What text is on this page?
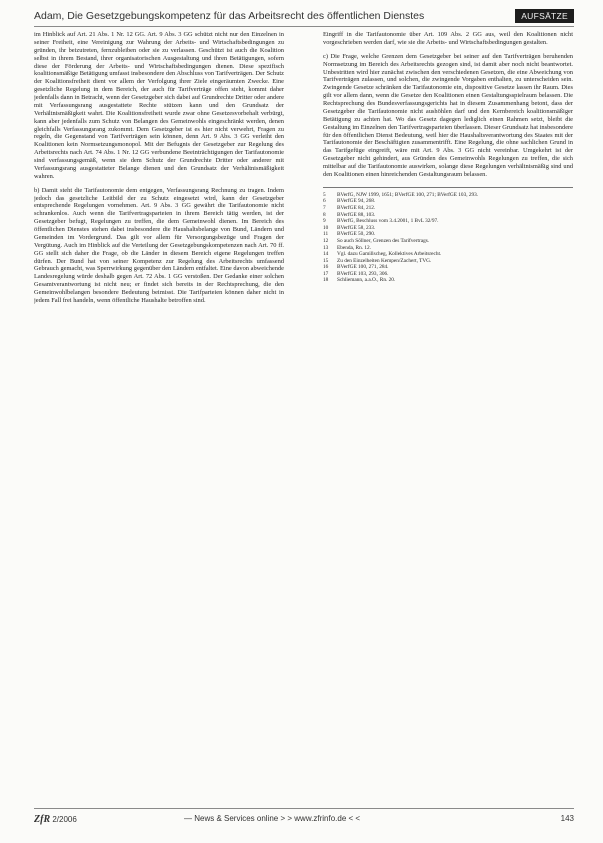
Adam, Die Gesetzgebungskompetenz für das Arbeitsrecht des öffentlichen Dienstes	AUFSÄTZE

im Hinblick auf Art. 21 Abs. 1 Nr. 12 GG. Art. 9 Abs. 3 GG schützt nicht nur den Einzelnen in seiner Freiheit, eine Vereinigung zur Wahrung der Arbeits- und Wirtschaftsbedingungen zu gründen, ihr beizutreten, fernzubleiben oder sie zu verlassen. Geschützt ist auch die Koalition selbst in ihrem Bestand, ihrer organisatorischen Ausgestaltung und ihren Betätigungen, sofern diese der Förderung der Arbeits- und Wirtschaftsbedingungen dienen. Diese spezifisch koalitionsmäßige Betätigung umfasst insbesondere den Abschluss von Tarifverträgen. Der Schutz der Koalitionsfreiheit dient vor allem der Verfolgung ihrer Ziele eingeräumten Zwecke. Eine gesetzliche Regelung in dem Bereich, der auch für Tarifverträge offen steht, kommt daher jedenfalls dann in Betracht, wenn der Gesetzgeber sich dabei auf Grundrechte Dritter oder andere mit Verfassungsrang ausgestattete Rechte stützen kann und den Grundsatz der Verhältnismäßigkeit wahrt. Die Koalitionsfreiheit wurde zwar ohne Gesetzesvorbehalt verbürgt, kann aber jedenfalls zum Schutz von Belangen des Gemeinwohls eingeschränkt werden, denen gleichfalls Verfassungsrang zukommt. Dem Gesetzgeber ist es hier nicht verwehrt, Fragen zu regeln, die Gegenstand von Tarifverträgen sein können, denn Art. 9 Abs. 3 GG verleiht den Koalitionen kein Normsetzungsmonopol. Mit der Befugnis der Gesetzgeber zur Regelung des Arbeitsrechts nach Art. 74 Abs. 1 Nr. 12 GG verbundene Beeinträchtigungen der Tarifautonomie sind verfassungsgemäß, wenn sie dem Schutz der Grundrechte Dritter oder anderer mit Verfassungsrang ausgestatteter Belange dienen und den Grundsatz der Verhältnismäßigkeit wahren.

b) Damit steht die Tarifautonomie dem entgegen, Verfassungsrang Rechnung zu tragen. Indem jedoch das gesetzliche Leitbild der zu Schutz eingesetzt wird, kann der Gesetzgeber entsprechende Regelungen vornehmen. Art. 9 Abs. 3 GG gewährt die Tarifautonomie nicht schrankenlos. Auch wenn die Tarifvertragsparteien in ihrem Bereich tätig werden, ist der Gesetzgeber befugt, Regelungen zu treffen, die dem Gemeinwohl dienen. Im Bereich des öffentlichen Dienstes stehen dabei insbesondere die Haushaltsbelange von Bund, Ländern und Gemeinden im Vordergrund. Das gilt vor allem für Versorgungsbezüge und Fragen der Vergütung. Auch im Hinblick auf die Verteilung der Gesetzgebungskompetenzen nach Art. 70 ff. GG stellt sich daher die Frage, ob die Länder in diesem Bereich eigene Regelungen treffen dürfen. Der Bund hat von seiner Kompetenz zur Regelung des Arbeitsrechts umfassend Gebrauch gemacht, was Sperrwirkung gegenüber den Ländern entfaltet. Eine davon abweichende Landesregelung würde deshalb gegen Art. 72 Abs. 1 GG verstoßen. Der Gedanke einer solchen Gesamtverantwortung ist nicht neu; er findet sich bereits in der Rechtsprechung, die den Gemeinwohlbelangen besondere Bedeutung beimisst. Die Tarifparteien können daher nicht in jedem Fall frei handeln, wenn öffentliche Haushalte betroffen sind.

Eingriff in die Tarifautonomie über Art. 109 Abs. 2 GG aus, weil den Koalitionen nicht vorgeschrieben werden darf, wie sie die Arbeits- und Wirtschaftsbedingungen gestalten.

c) Die Frage, welche Grenzen dem Gesetzgeber bei seiner auf den Tarifverträgen beruhenden Normsetzung im Bereich des Arbeitsrechts gezogen sind, ist damit aber noch nicht beantwortet. Unbestritten wird hier zunächst zwischen den verschiedenen Gesetzen, die eine Abweichung von Tarifverträgen zulassen, und solchen, die zwingende Vorgaben enthalten, zu unterscheiden sein. Zwingende Gesetze schränken die Tarifautonomie ein, dispositive Gesetze lassen ihr Raum. Dies gilt vor allem dann, wenn die Gesetze den Koalitionen einen Gestaltungsspielraum belassen. Die Rechtsprechung des Bundesverfassungsgerichts hat in diesem Zusammenhang betont, dass der Gesetzgeber die Tarifautonomie nicht aushöhlen darf und den Kernbereich koalitionsmäßiger Betätigung zu achten hat. Wo das Gesetz dagegen lediglich einen Rahmen setzt, bleibt die Gestaltung im Einzelnen den Tarifvertragsparteien überlassen. Dieser Grundsatz hat insbesondere für den öffentlichen Dienst Bedeutung, weil hier die Haushaltsverantwortung des Staates mit der Tarifautonomie der Beschäftigten zusammentrifft. Eine Regelung, die ohne sachlichen Grund in das Tarifgefüge eingreift, wäre mit Art. 9 Abs. 3 GG nicht vereinbar. Umgekehrt ist der Gesetzgeber nicht gehindert, aus Gründen des Gemeinwohls Regelungen zu treffen, die sich mittelbar auf die Tarifautonomie auswirken, solange diese Regelungen verhältnismäßig sind und den Koalitionen einen hinreichenden Gestaltungsraum belassen.

5	BVerfG, NJW 1999, 1651; BVerfGE 100, 271; BVerfGE 103, 293.
6	BVerfGE 94, 268.
7	BVerfGE 84, 212.
8	BVerfGE 88, 103.
9	BVerfG, Beschluss vom 3.4.2001, 1 BvL 32/97.
10	BVerfGE 58, 233.
11	BVerfGE 50, 290.
12	So auch Söllner, Grenzen des Tarifvertrags.
13	Ebenda, Rn. 12.
14	Vgl. dazu Gamillscheg, Kollektives Arbeitsrecht.
15	Zu den Einzelheiten Kempen/Zachert, TVG.
16	BVerfGE 100, 271, 284.
17	BVerfGE 103, 293, 306.
18	Schliemann, a.a.O., Rn. 20.
ZfR 2/2006	— News & Services online > > www.zfrinfo.de < <	143
